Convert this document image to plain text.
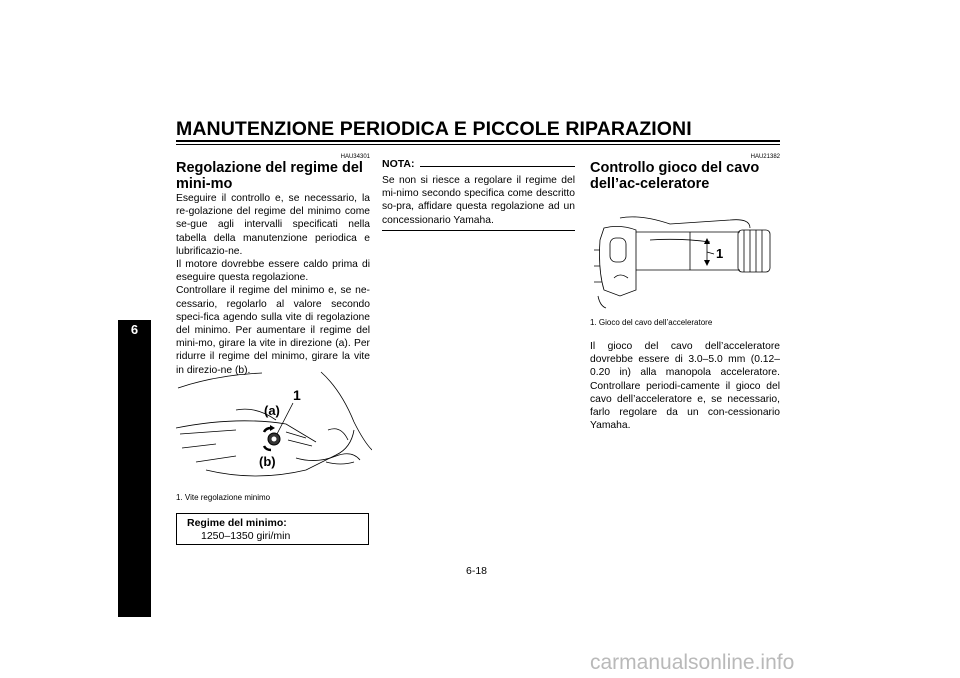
MANUTENZIONE PERIODICA E PICCOLE RIPARAZIONI
6
HAU34301
Regolazione del regime del mini-mo
Eseguire il controllo e, se necessario, la re-golazione del regime del minimo come se-gue agli intervalli specificati nella tabella della manutenzione periodica e lubrificazio-ne.
Il motore dovrebbe essere caldo prima di eseguire questa regolazione.
Controllare il regime del minimo e, se ne-cessario, regolarlo al valore secondo speci-fica agendo sulla vite di regolazione del minimo. Per aumentare il regime del mini-mo, girare la vite in direzione (a). Per ridurre il regime del minimo, girare la vite in direzio-ne (b).
1
(a)
(b)
1. Vite regolazione minimo
Regime del minimo:
1250–1350 giri/min
NOTA:
Se non si riesce a regolare il regime del mi-nimo secondo specifica come descritto so-pra, affidare questa regolazione ad un concessionario Yamaha.
HAU21382
Controllo gioco del cavo dell’ac-celeratore
1
1. Gioco del cavo dell’acceleratore
Il gioco del cavo dell’acceleratore dovrebbe essere di 3.0–5.0 mm (0.12–0.20 in) alla manopola acceleratore. Controllare periodi-camente il gioco del cavo dell’acceleratore e, se necessario, farlo regolare da un con-cessionario Yamaha.
6-18
carmanualsonline.info
